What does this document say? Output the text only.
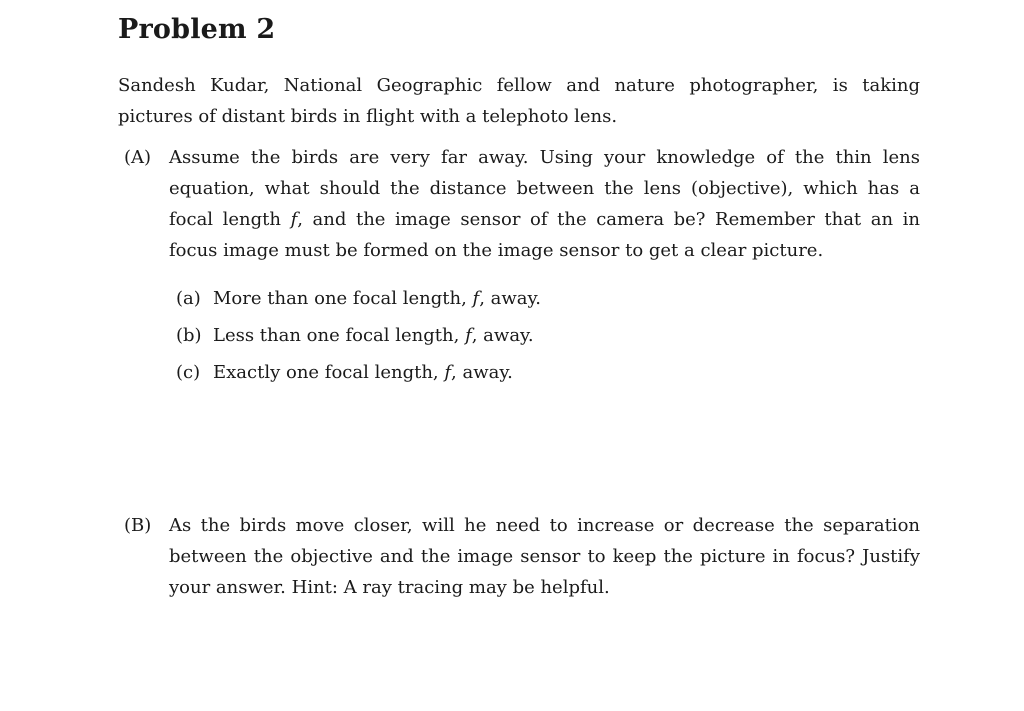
Problem 2

Sandesh Kudar, National Geographic fellow and nature photographer, is taking pictures of distant birds in flight with a telephoto lens.

(A) Assume the birds are very far away. Using your knowledge of the thin lens equation, what should the distance between the lens (objective), which has a focal length f, and the image sensor of the camera be? Remember that an in focus image must be formed on the image sensor to get a clear picture.

(a) More than one focal length, f, away.
(b) Less than one focal length, f, away.
(c) Exactly one focal length, f, away.
(B) As the birds move closer, will he need to increase or decrease the separation between the objective and the image sensor to keep the picture in focus? Justify your answer. Hint: A ray tracing may be helpful.
